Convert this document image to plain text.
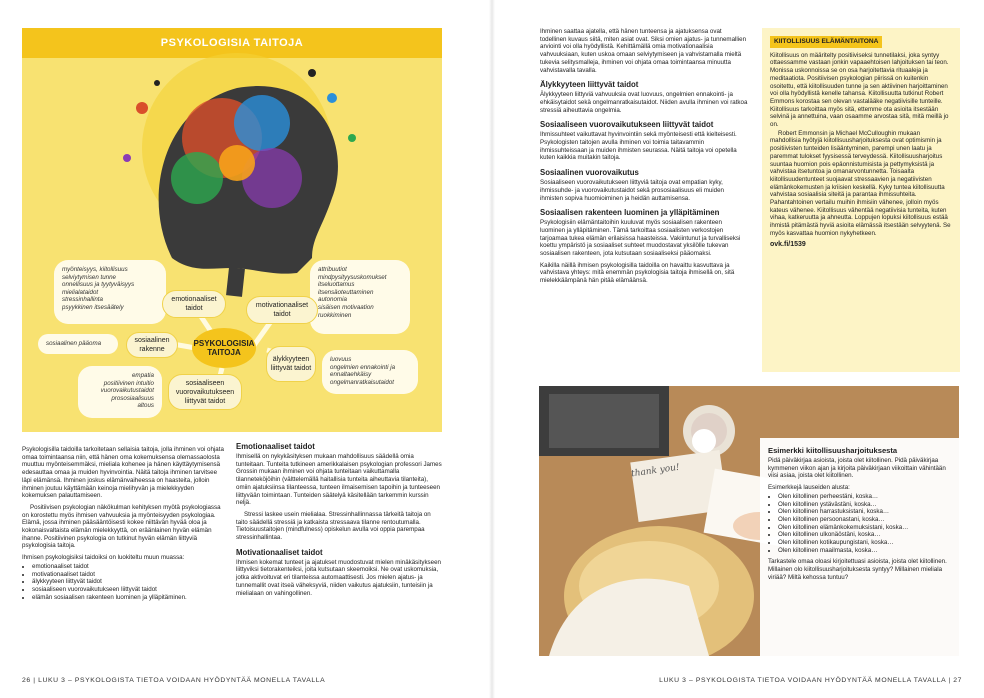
PSYKOLOGISIA TAITOJA
myönteisyys, kiitollisuus
selviytymisen tunne
onnellisuus ja tyytyväisyys
mielialataidot
stressinhallinta
psyykkinen itsesäätely
attribuutiot
mindpysityysuskomukset
itseluottamus
itsensäoteuttaminen
autonomia
sisäisen motivaation
ruokkiminen
sosiaalinen pääoma
empatia
positiivinen intuitio
vuorovaikutustaidot
prososiaalisuus
altous
luovuus
ongelmien ennakointi ja
ennaltaehkäisy
ongelmanratkaisutaidot
emotionaaliset taidot	motivationaaliset taidot
sosiaalinen rakenne
PSYKOLOGISIA TAITOJA
älykkyyteen liittyvät taidot
sosiaaliseen vuorovaikutukseen liittyvät taidot

Psykologisilla taidoilla tarkoitetaan sellaisia taitoja, jolla ihminen voi ohjata omaa toimintaansa niin, että hänen oma kokemuksensa olemassaolosta muuttuu myönteisemmäksi, mieliala kohenee ja hänen käyttäytymisensä edesauttaa omaa ja muiden hyvinvointia. Näitä taitoja ihminen tarvitsee läpi elämänsä. Ihminen joskus elämänvaiheessa on haasteita, jolloin ihminen joutuu käyttämään keinoja mielihyvän ja mielekkyyden kokemuksen palauttamiseen.

Positiivisen psykologian näkökulman kehityksen myötä psykologiassa on korostettu myös ihmisen vahvuuksia ja myönteisyyden psykologiaa. Elämä, jossa ihminen pääsääntöisesti kokee niittävän hyvää oloa ja kokonaisvaltaista elämän mielekkyyttä, on eräänlainen hyvän elämän ihanne. Positiivinen psykologia on tutkinut hyvän elämän liittyviä psykologisia taitoja.

Ihmisen psykologisiksi taidoiksi on luokiteltu muun muassa:

• emotionaaliset taidot
• motivationaaliset taidot
• älykkyyteen liittyvät taidot
• sosiaaliseen vuorovaikutukseen liittyvät taidot
• elämän sosiaalisen rakenteen luominen ja ylläpitäminen.
Emotionaaliset taidot

Ihmisellä on nykykäsityksen mukaan mahdollisuus säädellä omia tunteitaan. Tunteita tutkineen amerikkalaisen psykologian professori James Grossin mukaan ihminen voi ohjata tunteitaan vaikuttamalla tilanneteköjöihin (välttelemällä haitallisia tunteita aiheuttavia tilanteita), omiin ajatuksiinsa tilanteessa, tunteen ilmaisemisen tapoihin ja tunteeseen liittyvään toimintaan. Tunteiden säätelyä käsitellään tarkemmin kurssin neljä.

Stressi laskee usein mielialaa. Stressinhallinnassa tärkeitä taitoja on taito säädellä stressiä ja katkaista stressaava tilanne rentoutumalla. Tietoisuustaitojen (mindfulness) opiskelun avulla voi oppia parempaa stressinhallintaa.

Motivationaaliset taidot

Ihmisen kokemat tunteet ja ajatukset muodostuvat mielen minäkäsitykseen liittyviksi tietorakenteiksi, joita kutsutaan skeemoiksi. Ne ovat uskomuksia, jotka aktivoituvat eri tilanteissa automaattisesti. Jos mielen ajatus- ja tunnemallit ovat itseä väheksyviä, niiden vaikutus ajatuksiin, tunteisiin ja mielialaan on vahingollinen.

26 | LUKU 3 – PSYKOLOGISTA TIETOA VOIDAAN HYÖDYNTÄÄ MONELLA TAVALLA

Ihminen saattaa ajatella, että hänen tunteensa ja ajatuksensa ovat todellinen kuvaus siitä, miten asiat ovat. Siksi omien ajatus- ja tunnemallien arviointi voi olla hyödyllistä. Kehittämällä omia motivationaalisia vahvuuksiaan, kuten uskoa omaan selviytymiseen ja vahvistamalla mieltä tukevia selitysmalleja, ihminen voi ohjata omaa toimintaansa minuutta vahvistavalla tavalla.

Älykkyyteen liittyvät taidot

Älykkyyteen liittyviä vahvuuksia ovat luovuus, ongelmien ennakointi- ja ehkäisytaidot sekä ongelmanratkaisutaidot. Niiden avulla ihminen voi ratkoa stressiä aiheuttavia ongelmia.

Sosiaaliseen vuorovaikutukseen liittyvät taidot

Ihmissuhteet vaikuttavat hyvinvointiin sekä myönteisesti että kielteisesti. Psykologisten taitojen avulla ihminen voi toimia taitavammin ihmissuhteissaan ja muiden ihmisten seurassa. Näitä taitoja voi opetella kuten kaikkia muitakin taitoja.

Sosiaalinen vuorovaikutus

Sosiaaliseen vuorovaikutukseen liittyviä taitoja ovat empatian kyky, ihmissuhde- ja vuorovaikutustaidot sekä prososiaalisuus eli muiden ihmisten sopiva huomioiminen ja heidän auttamisensa.

Sosiaalisen rakenteen luominen ja ylläpitäminen

Psykologisiin elämäntaitoihin kuuluvat myös sosiaalisen rakenteen luominen ja ylläpitäminen. Tämä tarkoittaa sosiaalisten verkostojen tarjoamaa tukea elämän erilaisissa haasteissa. Vakiintunut ja turvalliseksi koettu ympäristö ja sosiaaliset suhteet muodostavat yksilölle tukevan sosiaalisen rakenteen, jota kutsutaan sosiaaliseksi pääomaksi.

Kaikilla näillä ihmisen psykologisilla taidoilla on havaittu kasvuttava ja vahvistava yhteys: mitä enemmän psykologisia taitoja ihmisellä on, sitä mielekkäämpänä hän pitää elämäänsä.

KIITOLLISUUS ELÄMÄNTAITONA

Kiitollisuus on määritelty positiiviseksi tunnetilaksi, joka syntyy ottaessamme vastaan jonkin vapaaehtoisen lahjoituksen tai teon. Monissa uskonnoissa se on osa harjoitettavia rituaaleja ja meditaatiota. Positiivisen psykologian piirissä on kuitenkin osoitettu, että kiitollisuuden tunne ja sen aktiivinen harjoittaminen voi olla hyödyllistä kenelle tahansa. Kiitollisuutta tutkinut Robert Emmons korostaa sen olevan vastalääke negatiivisille tunteille. Kiitollisuus tarkoittaa myös sitä, ettemme ota asioita itsestään selvinä ja annettuina, vaan osaamme arvostaa sitä, mitä meillä jo on.

Robert Emmonsin ja Michael McCulloughin mukaan mahdollisia hyötyjä kiitollisuusharjoituksesta ovat optimismin ja positiivisten tunteiden lisääntyminen, parempi unen laatu ja paremmat tulokset fyysisessä terveydessä. Kiitollisuusharjoitus suuntaa huomion pois epäonnistumisista ja pettymyksistä ja vahvistaa itsetuntoa ja omanarvontunnetta. Toisaalta kiitollisuudentunteet suojaavat stressaavien ja negatiivisten elämänkokemusten ja kriisien keskellä. Kyky tuntea kiitollisuutta vahvistaa sosiaalisia siteitä ja parantaa ihmissuhteita. Pahantahtoinen vertailu muihin ihmisiin vähenee, jolloin myös kateus vähenee. Kiitollisuus vähentää negatiivisia tunteita, kuten vihaa, katkeruutta ja ahneutta. Loppujen lopuksi kiitollisuus estää ihmistä pitämästä hyviä asioita elämässä itsestään selvyytenä. Se myös kasvattaa huomion nykyhetkeen.

ovk.fi/1539
thank you!
Esimerkki kiitollisuusharjoituksesta

Pidä päiväkirjaa asioista, joista olet kiitollinen. Pidä päiväkirjaa kymmenen viikon ajan ja kirjoita päiväkirjaan viikoittain vähintään viisi asiaa, joista olet kiitollinen.

Esimerkkejä lauseiden alusta:

• Olen kiitollinen perheestäni, koska…
• Olen kiitollinen ystävästäni, koska…
• Olen kiitollinen harrastuksistani, koska…
• Olen kiitollinen persoonastani, koska…
• Olen kiitollinen elämänkokemuksistani, koska…
• Olen kiitollinen ulkonäöstäni, koska…
• Olen kiitollinen kotikaupungistani, koska…
• Olen kiitollinen maailmasta, koska…

Tarkastele omaa oloasi kirjoitettuasi asioista, joista olet kiitollinen. Millainen olo kiitollisuusharjoituksesta syntyy? Millainen mieliala viriää? Miltä kehossa tuntuu?

LUKU 3 – PSYKOLOGISTA TIETOA VOIDAAN HYÖDYNTÄÄ MONELLA TAVALLA | 27
